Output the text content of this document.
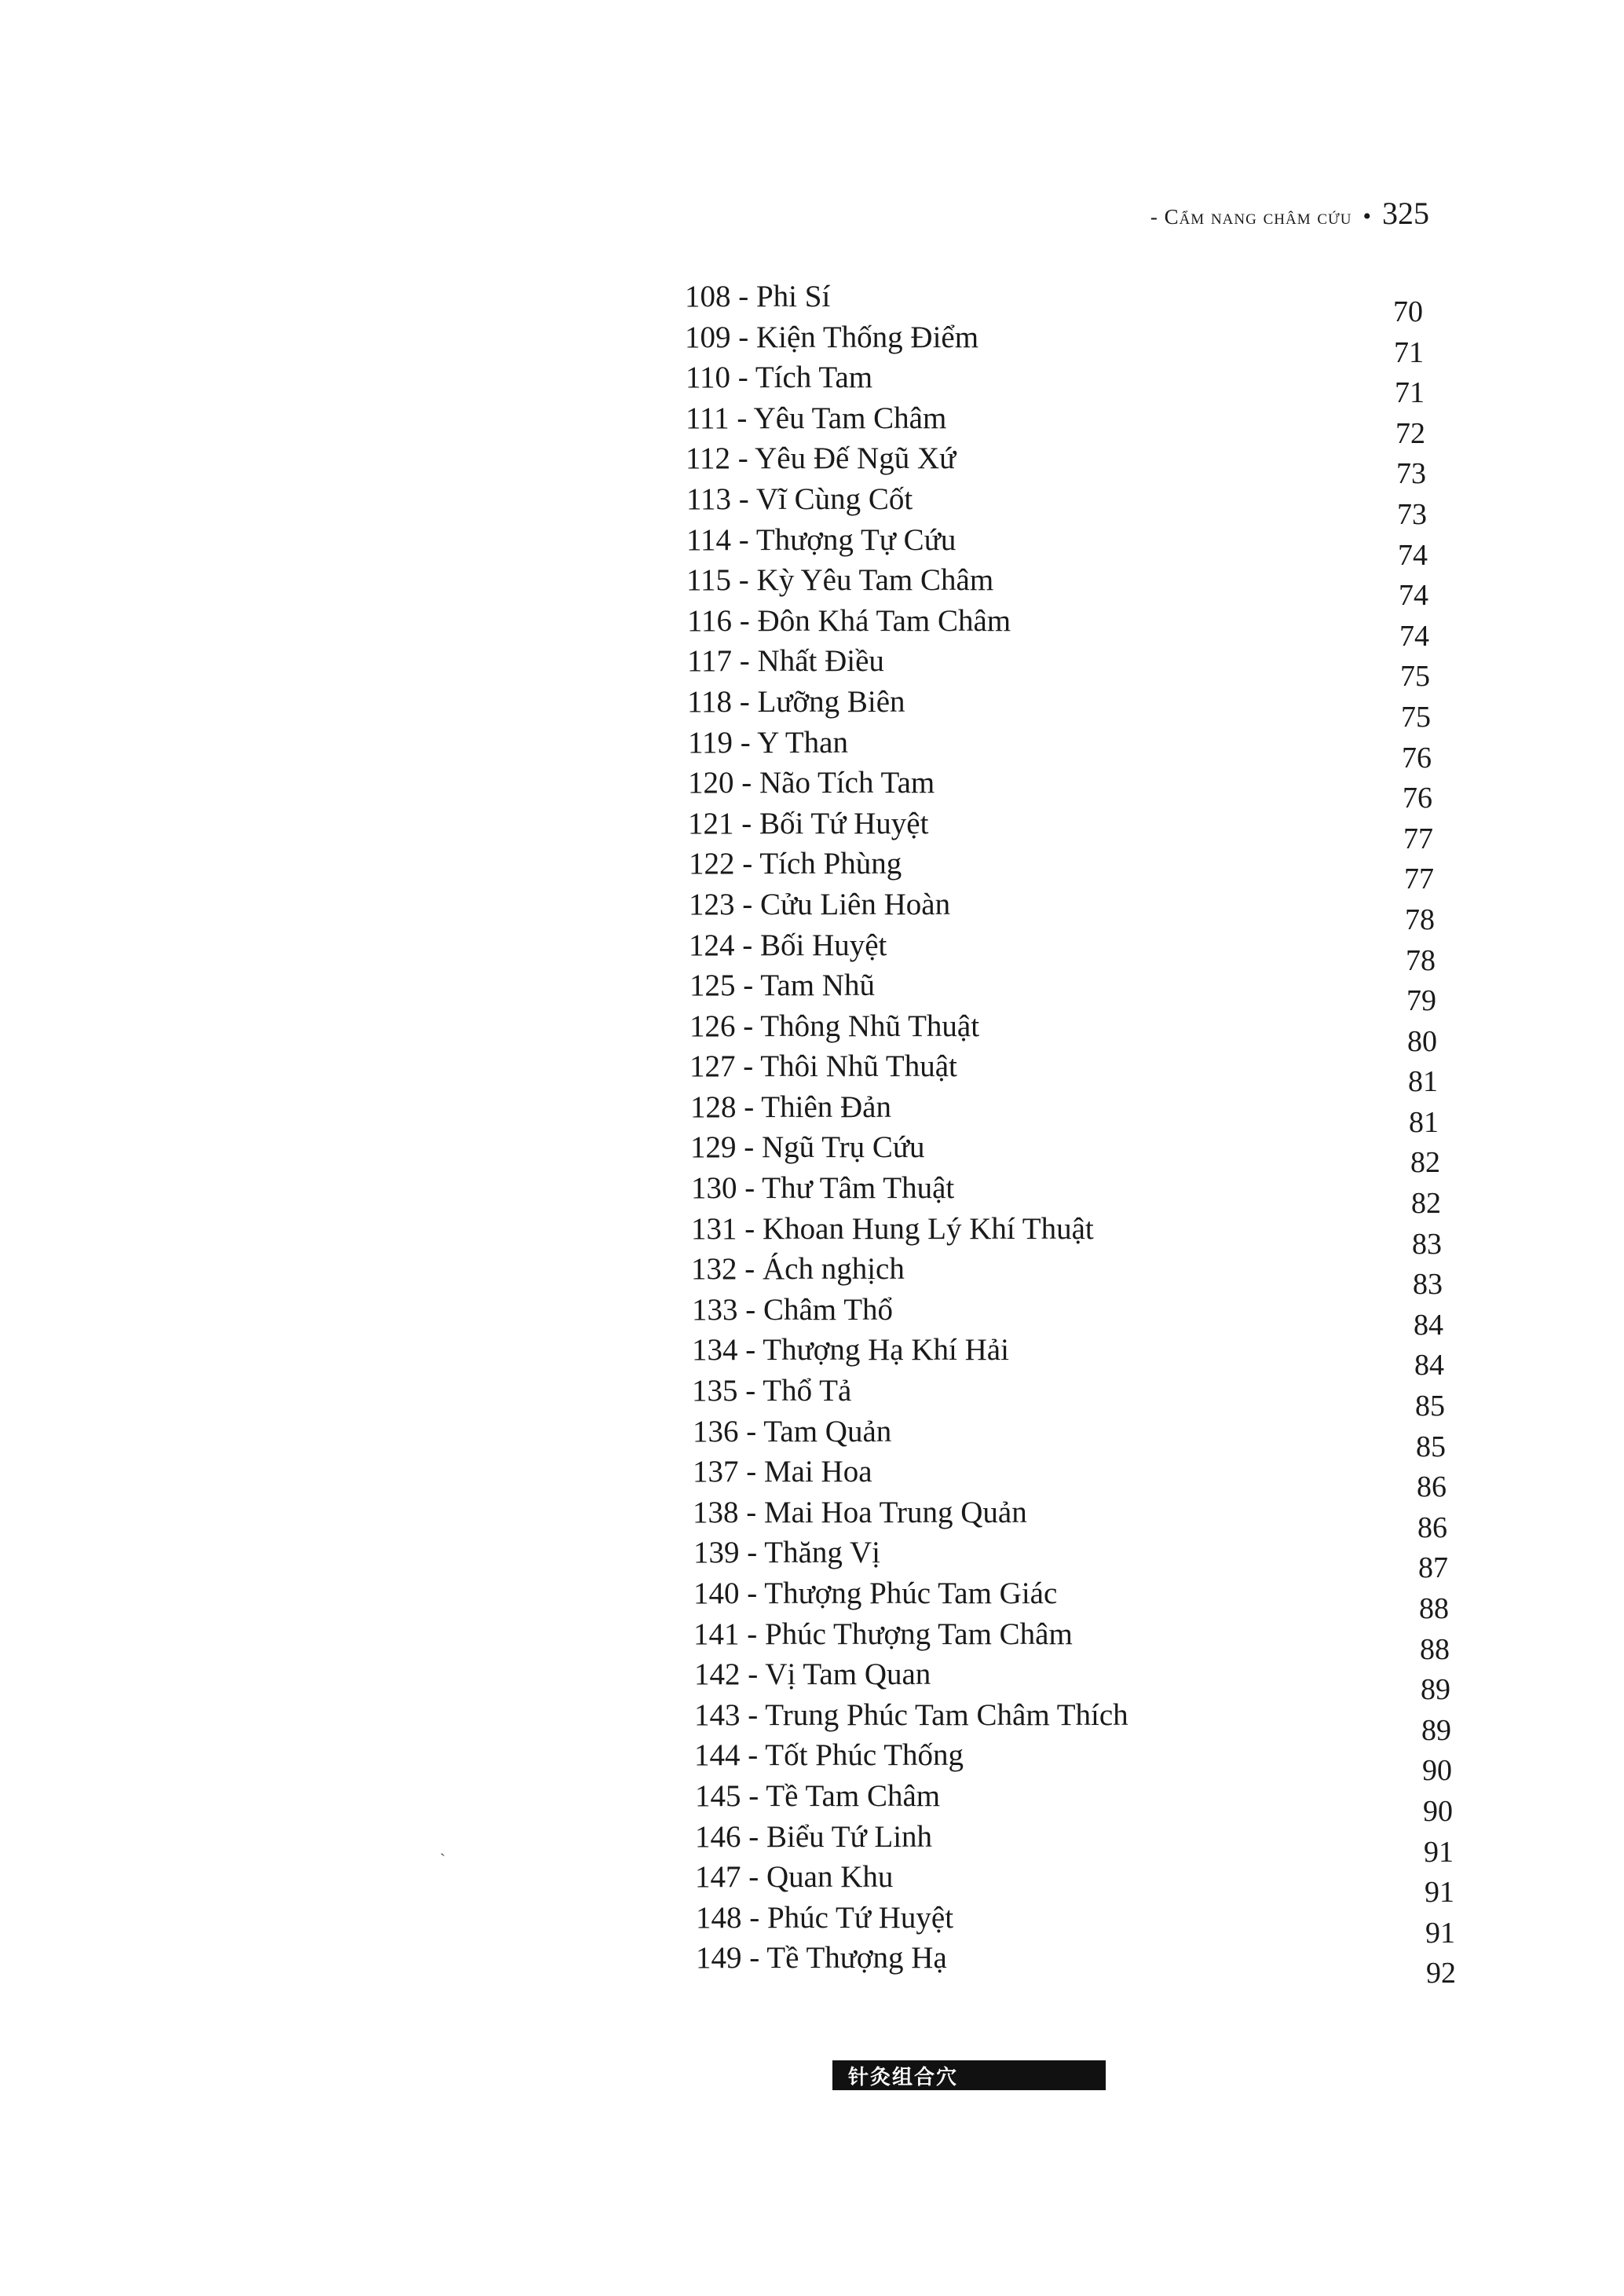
- Cẩm nang châm cứu • 325
108 - Phi Sí	70
109 - Kiện Thống Điểm	71
110 - Tích Tam	71
111 - Yêu Tam Châm	72
112 - Yêu Đế Ngũ Xứ	73
113 - Vĩ Cùng Cốt	73
114 - Thượng Tự Cứu	74
115 - Kỳ Yêu Tam Châm	74
116 - Đôn Khá Tam Châm	74
117 - Nhất Điều	75
118 - Lưỡng Biên	75
119 - Y Than	76
120 - Não Tích Tam	76
121 - Bối Tứ Huyệt	77
122 - Tích Phùng	77
123 - Cửu Liên Hoàn	78
124 - Bối Huyệt	78
125 - Tam Nhũ	79
126 - Thông Nhũ Thuật	80
127 - Thôi Nhũ Thuật	81
128 - Thiên Đản	81
129 - Ngũ Trụ Cứu	82
130 - Thư Tâm Thuật	82
131 - Khoan Hung Lý Khí Thuật	83
132 - Ách nghịch	83
133 - Châm Thổ	84
134 - Thượng Hạ Khí Hải	84
135 - Thổ Tả	85
136 - Tam Quản	85
137 - Mai Hoa	86
138 - Mai Hoa Trung Quản	86
139 - Thăng Vị	87
140 - Thượng Phúc Tam Giác	88
141 - Phúc Thượng Tam Châm	88
142 - Vị Tam Quan	89
143 - Trung Phúc Tam Châm Thích	89
144 - Tốt Phúc Thống	90
145 - Tề Tam Châm	90
146 - Biểu Tứ Linh	91
147 - Quan Khu	91
148 - Phúc Tứ Huyệt	91
149 - Tề Thượng Hạ	92
`
针灸组合穴
